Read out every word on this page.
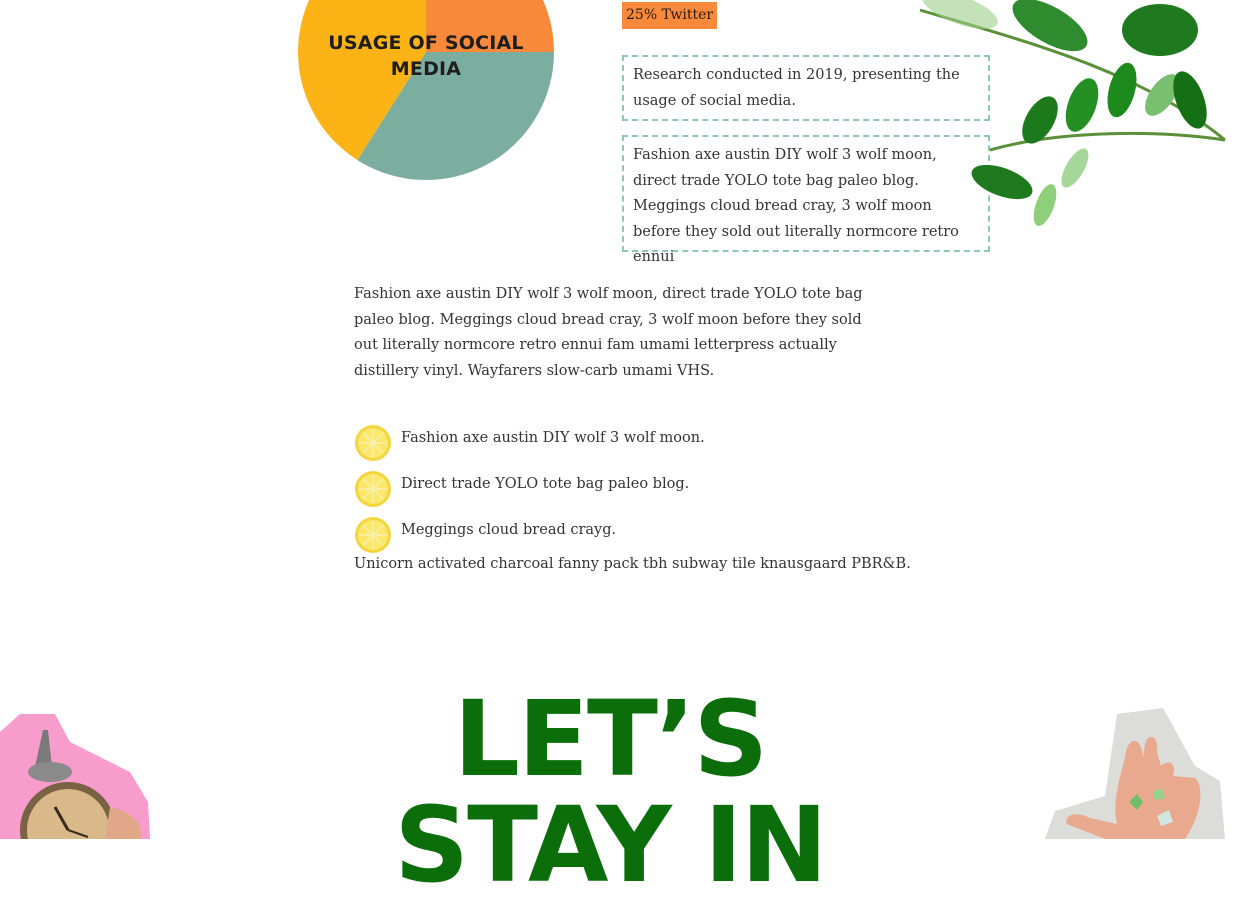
USAGE OF SOCIAL
MEDIA
25% Twitter
Research conducted in 2019, presenting the usage of social media.
Fashion axe austin DIY wolf 3 wolf moon, direct trade YOLO tote bag paleo blog. Meggings cloud bread cray, 3 wolf moon before they sold out literally normcore retro ennui
Fashion axe austin DIY wolf 3 wolf moon, direct trade YOLO tote bag paleo blog. Meggings cloud bread cray, 3 wolf moon before they sold out literally normcore retro ennui fam umami letterpress actually distillery vinyl. Wayfarers slow-carb umami VHS.
Fashion axe austin DIY wolf 3 wolf moon.
Direct trade YOLO tote bag paleo blog.
Meggings cloud bread crayg.
Unicorn activated charcoal fanny pack tbh subway tile knausgaard PBR&B.
LET’S
STAY IN
